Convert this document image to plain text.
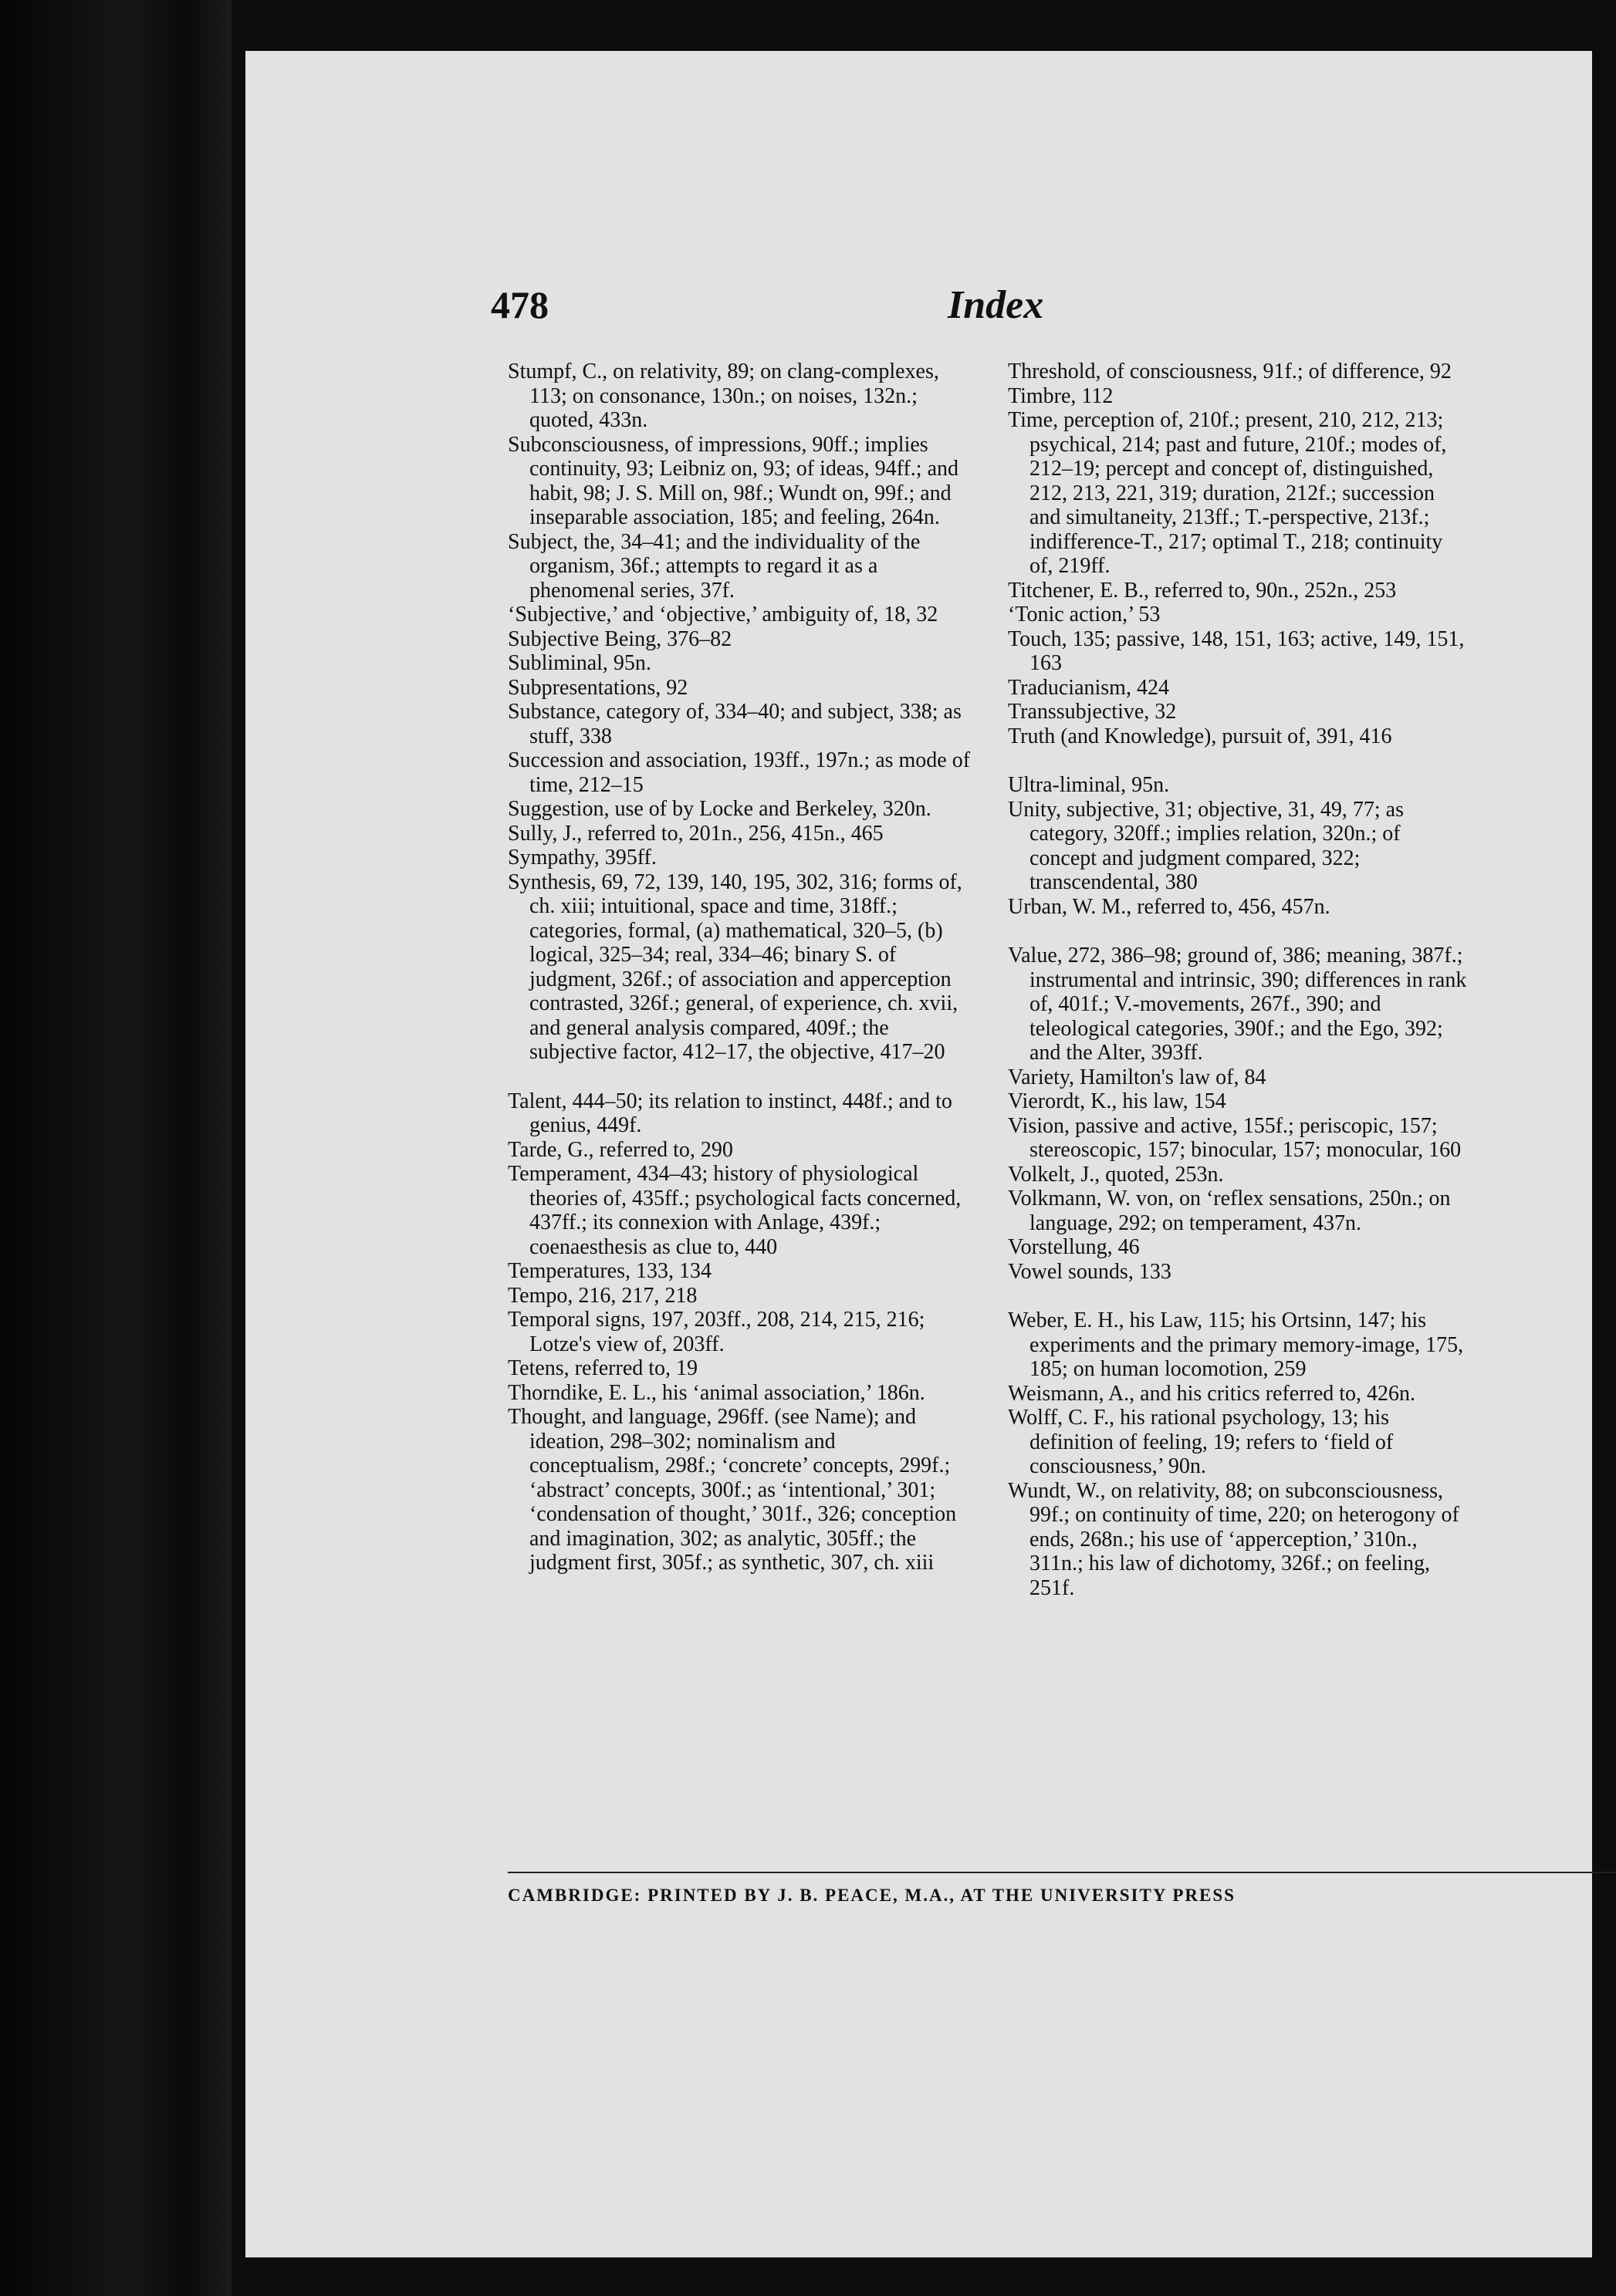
478	Index

Stumpf, C., on relativity, 89; on clang-complexes, 113; on consonance, 130n.; on noises, 132n.; quoted, 433n.

Subconsciousness, of impressions, 90ff.; implies continuity, 93; Leibniz on, 93; of ideas, 94ff.; and habit, 98; J. S. Mill on, 98f.; Wundt on, 99f.; and inseparable association, 185; and feeling, 264n.

Subject, the, 34–41; and the individuality of the organism, 36f.; attempts to regard it as a phenomenal series, 37f.

‘Subjective,’ and ‘objective,’ ambiguity of, 18, 32

Subjective Being, 376–82

Subliminal, 95n.

Subpresentations, 92

Substance, category of, 334–40; and subject, 338; as stuff, 338

Succession and association, 193ff., 197n.; as mode of time, 212–15

Suggestion, use of by Locke and Berkeley, 320n.

Sully, J., referred to, 201n., 256, 415n., 465

Sympathy, 395ff.

Synthesis, 69, 72, 139, 140, 195, 302, 316; forms of, ch. xiii; intuitional, space and time, 318ff.; categories, formal, (a) mathematical, 320–5, (b) logical, 325–34; real, 334–46; binary S. of judgment, 326f.; of association and apperception contrasted, 326f.; general, of experience, ch. xvii, and general analysis compared, 409f.; the subjective factor, 412–17, the objective, 417–20

Talent, 444–50; its relation to instinct, 448f.; and to genius, 449f.

Tarde, G., referred to, 290

Temperament, 434–43; history of physiological theories of, 435ff.; psychological facts concerned, 437ff.; its connexion with Anlage, 439f.; coenaesthesis as clue to, 440

Temperatures, 133, 134

Tempo, 216, 217, 218

Temporal signs, 197, 203ff., 208, 214, 215, 216; Lotze's view of, 203ff.

Tetens, referred to, 19

Thorndike, E. L., his ‘animal association,’ 186n.

Thought, and language, 296ff. (see Name); and ideation, 298–302; nominalism and conceptualism, 298f.; ‘concrete’ concepts, 299f.; ‘abstract’ concepts, 300f.; as ‘intentional,’ 301; ‘condensation of thought,’ 301f., 326; conception and imagination, 302; as analytic, 305ff.; the judgment first, 305f.; as synthetic, 307, ch. xiii

Threshold, of consciousness, 91f.; of difference, 92

Timbre, 112

Time, perception of, 210f.; present, 210, 212, 213; psychical, 214; past and future, 210f.; modes of, 212–19; percept and concept of, distinguished, 212, 213, 221, 319; duration, 212f.; succession and simultaneity, 213ff.; T.-perspective, 213f.; indifference-T., 217; optimal T., 218; continuity of, 219ff.

Titchener, E. B., referred to, 90n., 252n., 253

‘Tonic action,’ 53

Touch, 135; passive, 148, 151, 163; active, 149, 151, 163

Traducianism, 424

Transsubjective, 32

Truth (and Knowledge), pursuit of, 391, 416

Ultra-liminal, 95n.

Unity, subjective, 31; objective, 31, 49, 77; as category, 320ff.; implies relation, 320n.; of concept and judgment compared, 322; transcendental, 380

Urban, W. M., referred to, 456, 457n.

Value, 272, 386–98; ground of, 386; meaning, 387f.; instrumental and intrinsic, 390; differences in rank of, 401f.; V.-movements, 267f., 390; and teleological categories, 390f.; and the Ego, 392; and the Alter, 393ff.

Variety, Hamilton's law of, 84

Vierordt, K., his law, 154

Vision, passive and active, 155f.; periscopic, 157; stereoscopic, 157; binocular, 157; monocular, 160

Volkelt, J., quoted, 253n.

Volkmann, W. von, on ‘reflex sensations, 250n.; on language, 292; on temperament, 437n.

Vorstellung, 46

Vowel sounds, 133

Weber, E. H., his Law, 115; his Ortsinn, 147; his experiments and the primary memory-image, 175, 185; on human locomotion, 259

Weismann, A., and his critics referred to, 426n.

Wolff, C. F., his rational psychology, 13; his definition of feeling, 19; refers to ‘field of consciousness,’ 90n.

Wundt, W., on relativity, 88; on subconsciousness, 99f.; on continuity of time, 220; on heterogony of ends, 268n.; his use of ‘apperception,’ 310n., 311n.; his law of dichotomy, 326f.; on feeling, 251f.

CAMBRIDGE: PRINTED BY J. B. PEACE, M.A., AT THE UNIVERSITY PRESS
